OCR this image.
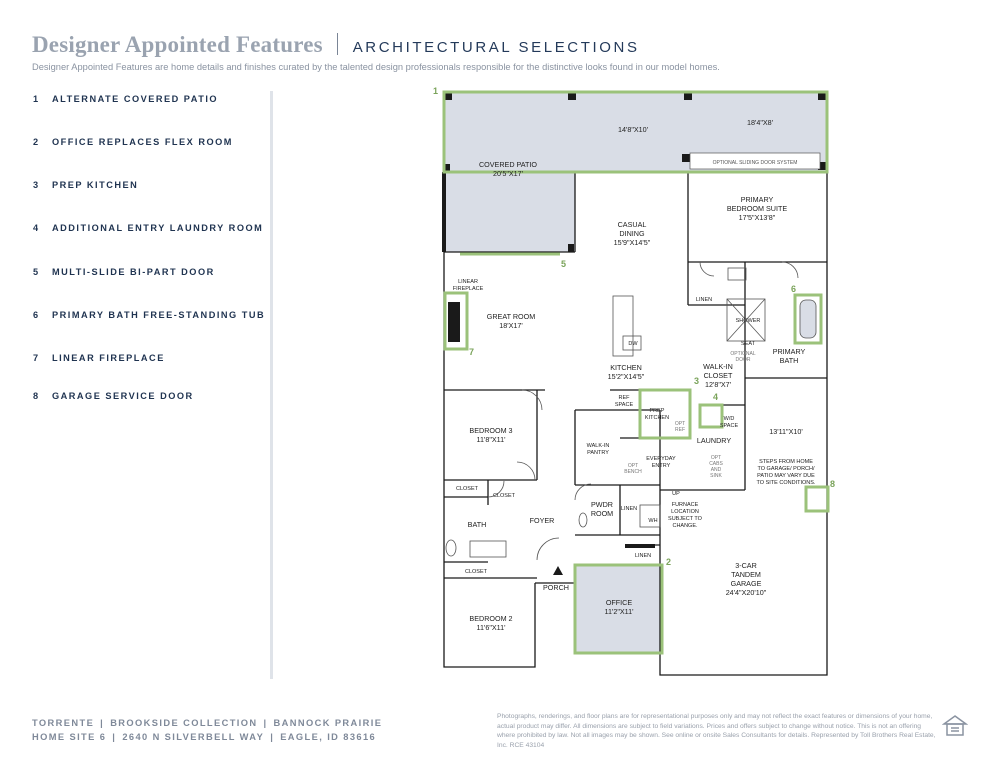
Designer Appointed Features ARCHITECTURAL SELECTIONS
Designer Appointed Features are home details and finishes curated by the talented design professionals responsible for the distinctive looks found in our model homes.
1 ALTERNATE COVERED PATIO
2 OFFICE REPLACES FLEX ROOM
3 PREP KITCHEN
4 ADDITIONAL ENTRY LAUNDRY ROOM
5 MULTI-SLIDE BI-PART DOOR
6 PRIMARY BATH FREE-STANDING TUB
7 LINEAR FIREPLACE
8 GARAGE SERVICE DOOR
1
2
3
4
5
6
7
8
14'8"X10'
18'4"X8'
OPTIONAL SLIDING DOOR SYSTEM
COVERED PATIO
20'5"X17'
CASUAL
DINING
15'9"X14'5"
PRIMARY
BEDROOM SUITE
17'5"X13'8"
LINEAR
FIREPLACE
GREAT ROOM
18'X17'
DW
LINEN
SHOWER
SEAT
OPTIONAL
DOOR
PRIMARY
BATH
WALK-IN
CLOSET
12'8"X7'
KITCHEN
15'2"X14'5"
REF
SPACE
PREP
KITCHEN
OPT
REF
W/D
SPACE
LAUNDRY
BEDROOM 3
11'8"X11'
WALK-IN
PANTRY
EVERYDAY
ENTRY
OPT
BENCH
OPT
CABS
AND
SINK
13'11"X10'
STEPS FROM HOME
TO GARAGE/ PORCH/
PATIO MAY VARY DUE
TO SITE CONDITIONS.
CLOSET
CLOSET	UP
PWDR
ROOM LINEN
WH
FURNACE
LOCATION
SUBJECT TO
CHANGE.
BATH	FOYER
LINEN
3-CAR
TANDEM
GARAGE
24'4"X20'10"
CLOSET
PORCH
OFFICE
11'2"X11'
BEDROOM 2
11'6"X11'
TORRENTE | BROOKSIDE COLLECTION | BANNOCK PRAIRIE
HOME SITE 6 | 2640 N SILVERBELL WAY | EAGLE, ID 83616
Photographs, renderings, and floor plans are for representational purposes only and may not reflect the exact features or dimensions of your home, actual product may differ. All dimensions are subject to field variations. Prices and offers subject to change without notice. This is not an offering where prohibited by law. Not all images may be shown. See online or onsite Sales Consultants for details. Represented by Toll Brothers Real Estate, Inc. RCE 43104
